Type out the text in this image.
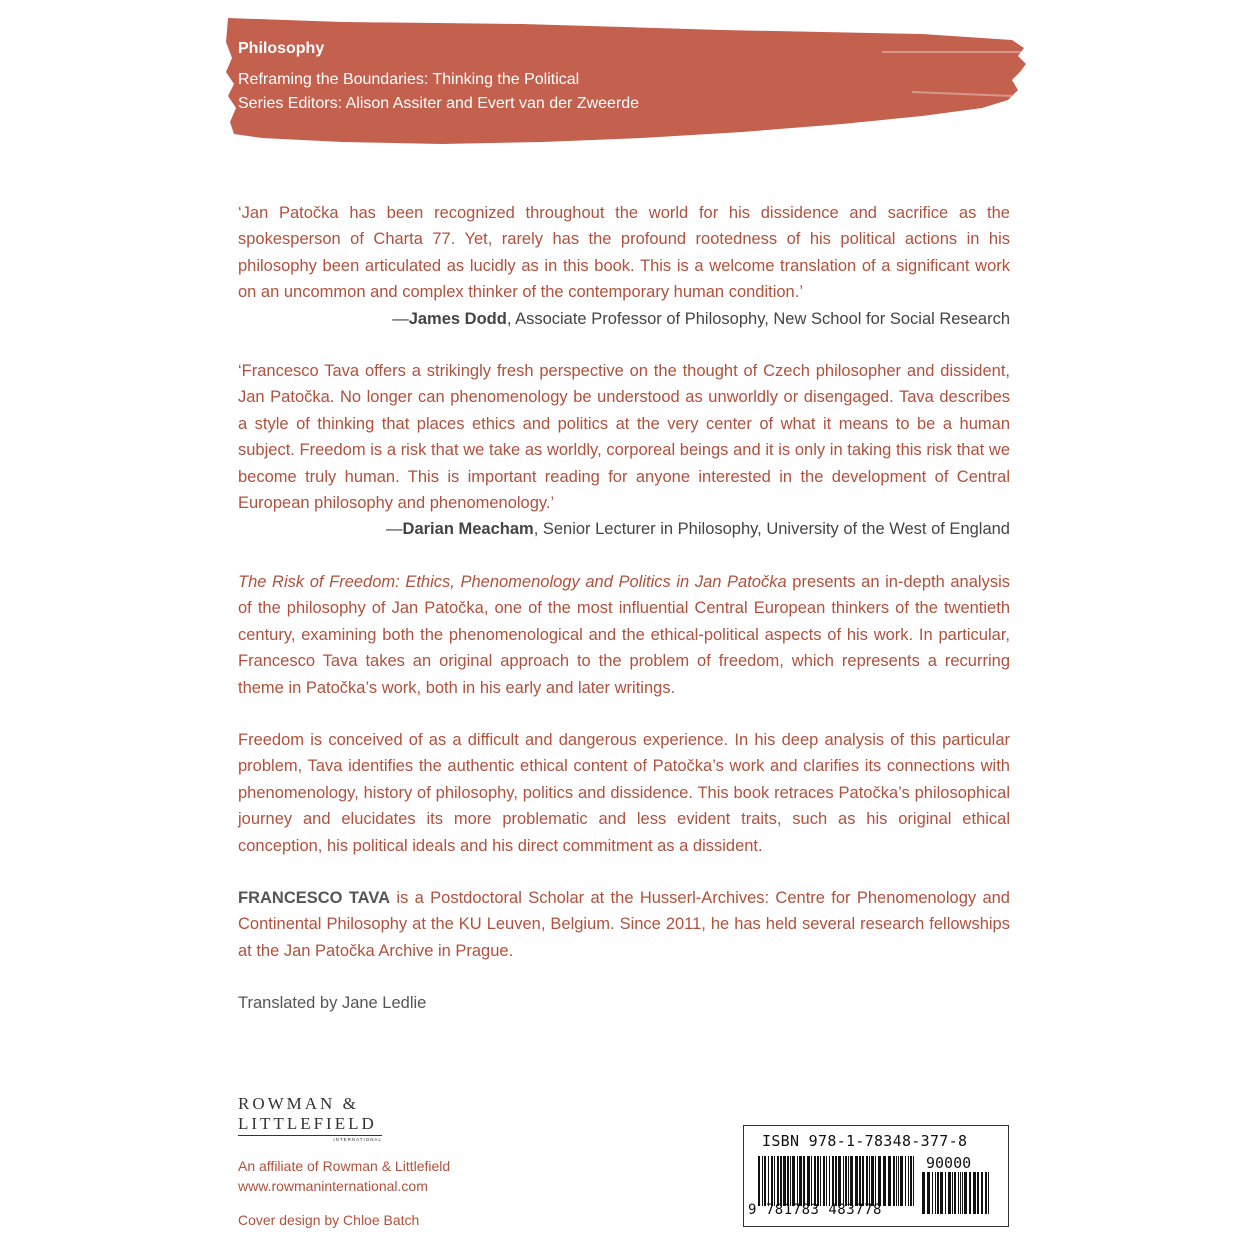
Philosophy
Reframing the Boundaries: Thinking the Political
Series Editors: Alison Assiter and Evert van der Zweerde

‘Jan Patočka has been recognized throughout the world for his dissidence and sacrifice as the spokesperson of Charta 77. Yet, rarely has the profound rootedness of his political actions in his philosophy been articulated as lucidly as in this book. This is a welcome translation of a significant work on an uncommon and complex thinker of the contemporary human condition.’

—James Dodd, Associate Professor of Philosophy, New School for Social Research

‘Francesco Tava offers a strikingly fresh perspective on the thought of Czech philosopher and dissident, Jan Patočka. No longer can phenomenology be understood as unworldly or disengaged. Tava describes a style of thinking that places ethics and politics at the very center of what it means to be a human subject. Freedom is a risk that we take as worldly, corporeal beings and it is only in taking this risk that we become truly human. This is important reading for anyone interested in the development of Central European philosophy and phenomenology.’

—Darian Meacham, Senior Lecturer in Philosophy, University of the West of England

The Risk of Freedom: Ethics, Phenomenology and Politics in Jan Patočka presents an in-depth analysis of the philosophy of Jan Patočka, one of the most influential Central European thinkers of the twentieth century, examining both the phenomenological and the ethical-political aspects of his work. In particular, Francesco Tava takes an original approach to the problem of freedom, which represents a recurring theme in Patočka’s work, both in his early and later writings.

Freedom is conceived of as a difficult and dangerous experience. In his deep analysis of this particular problem, Tava identifies the authentic ethical content of Patočka’s work and clarifies its connections with phenomenology, history of philosophy, politics and dissidence. This book retraces Patočka’s philosophical journey and elucidates its more problematic and less evident traits, such as his original ethical conception, his political ideals and his direct commitment as a dissident.

FRANCESCO TAVA is a Postdoctoral Scholar at the Husserl-Archives: Centre for Phenomenology and Continental Philosophy at the KU Leuven, Belgium. Since 2011, he has held several research fellowships at the Jan Patočka Archive in Prague.

Translated by Jane Ledlie

ROWMAN &
LITTLEFIELD
INTERNATIONAL
An affiliate of Rowman & Littlefield
www.rowmaninternational.com
Cover design by Chloe Batch
ISBN 978-1-78348-377-8
90000
9 781783 483778
